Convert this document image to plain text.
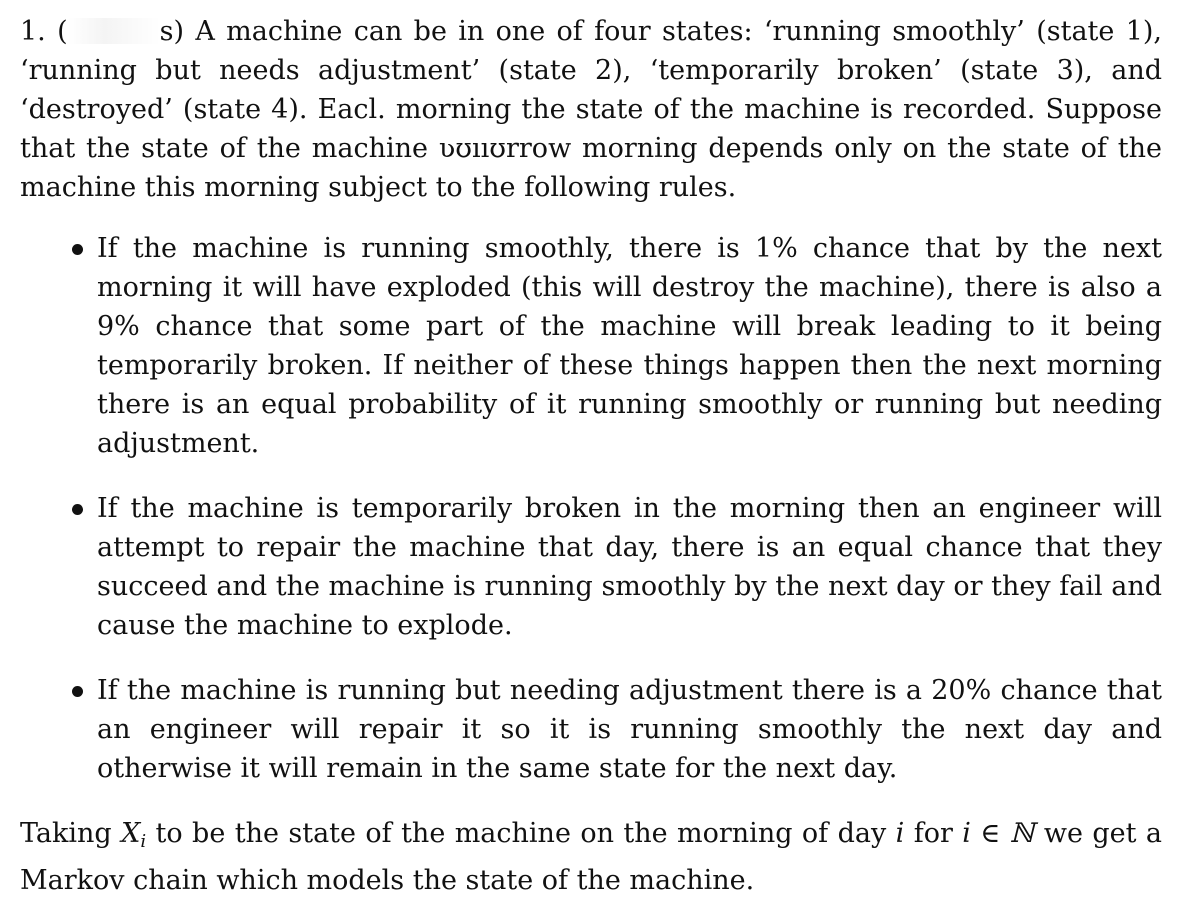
1. (	s) A machine can be in one of four states: ‘running smoothly’ (state 1), ‘running but needs adjustment’ (state 2), ‘temporarily broken’ (state 3), and ‘destroyed’ (state 4). Eacl. morning the state of the machine is recorded. Suppose that the state of the machine ʋʊııʊrrow morning depends only on the state of the machine this morning subject to the following rules.

If the machine is running smoothly, there is 1% chance that by the next morning it will have exploded (this will destroy the machine), there is also a 9% chance that some part of the machine will break leading to it being temporarily broken. If neither of these things happen then the next morning there is an equal probability of it running smoothly or running but needing adjustment.
If the machine is temporarily broken in the morning then an engineer will attempt to repair the machine that day, there is an equal chance that they succeed and the machine is running smoothly by the next day or they fail and cause the machine to explode.
If the machine is running but needing adjustment there is a 20% chance that an engineer will repair it so it is running smoothly the next day and otherwise it will remain in the same state for the next day.

Taking $X_i$ to be the state of the machine on the morning of day i for i ∈ ℕ we get a Markov chain which models the state of the machine.
